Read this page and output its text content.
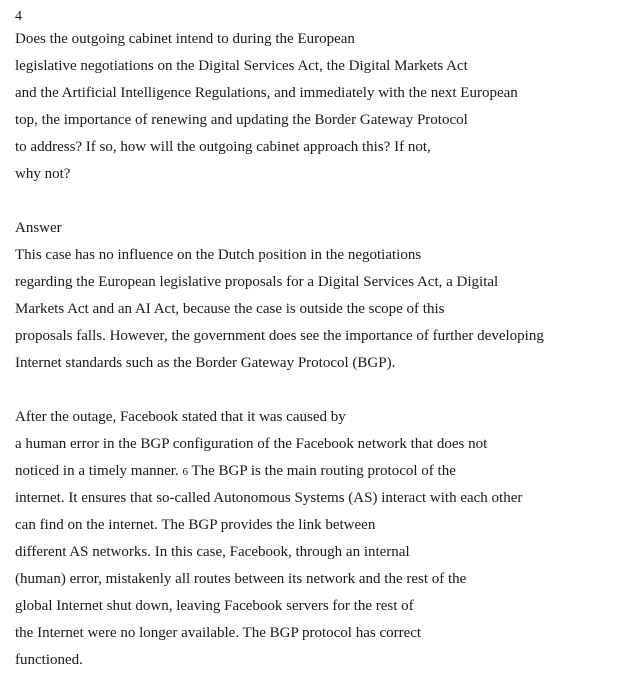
4
Does the outgoing cabinet intend to during the European
legislative negotiations on the Digital Services Act, the Digital Markets Act
and the Artificial Intelligence Regulations, and immediately with the next European
top, the importance of renewing and updating the Border Gateway Protocol
to address? If so, how will the outgoing cabinet approach this? If not,
why not?
Answer
This case has no influence on the Dutch position in the negotiations
regarding the European legislative proposals for a Digital Services Act, a Digital
Markets Act and an AI Act, because the case is outside the scope of this
proposals falls. However, the government does see the importance of further developing
Internet standards such as the Border Gateway Protocol (BGP).
After the outage, Facebook stated that it was caused by
a human error in the BGP configuration of the Facebook network that does not
noticed in a timely manner. 6 The BGP is the main routing protocol of the
internet. It ensures that so-called Autonomous Systems (AS) interact with each other
can find on the internet. The BGP provides the link between
different AS networks. In this case, Facebook, through an internal
(human) error, mistakenly all routes between its network and the rest of the
global Internet shut down, leaving Facebook servers for the rest of
the Internet were no longer available. The BGP protocol has correct
functioned.
